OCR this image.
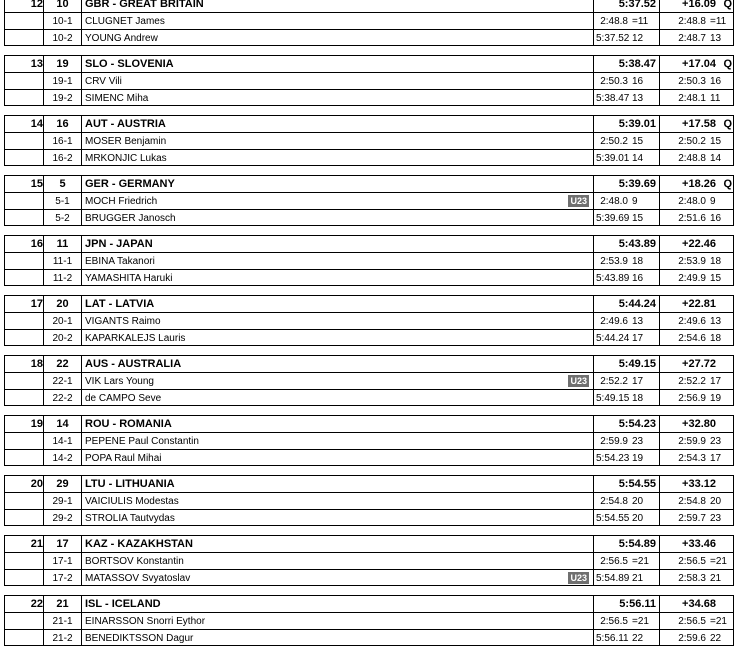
12	10	GBR - GREAT BRITAIN	5:37.52 +16.09 Q
10-1	CLUGNET James	2:48.8 =11	2:48.8 =11
10-2	YOUNG Andrew	5:37.52 12	2:48.7 13
13	19	SLO - SLOVENIA	5:38.47 +17.04 Q
19-1	CRV Vili	2:50.3 16	2:50.3 16
19-2	SIMENC Miha	5:38.47 13	2:48.1 11
14	16	AUT - AUSTRIA	5:39.01 +17.58 Q
16-1	MOSER Benjamin	2:50.2 15	2:50.2 15
16-2	MRKONJIC Lukas	5:39.01 14	2:48.8 14
15	5	GER - GERMANY	5:39.69 +18.26 Q
5-1	MOCH Friedrich	U23	2:48.0 9	2:48.0 9
5-2	BRUGGER Janosch	5:39.69 15	2:51.6 16
16	11	JPN - JAPAN	5:43.89 +22.46
11-1	EBINA Takanori	2:53.9 18	2:53.9 18
11-2	YAMASHITA Haruki	5:43.89 16	2:49.9 15
17	20	LAT - LATVIA	5:44.24 +22.81
20-1	VIGANTS Raimo	2:49.6 13	2:49.6 13
20-2	KAPARKALEJS Lauris	5:44.24 17	2:54.6 18
18	22	AUS - AUSTRALIA	5:49.15 +27.72
22-1	VIK Lars Young	U23	2:52.2 17	2:52.2 17
22-2	de CAMPO Seve	5:49.15 18	2:56.9 19
19	14	ROU - ROMANIA	5:54.23 +32.80
14-1	PEPENE Paul Constantin	2:59.9 23	2:59.9 23
14-2	POPA Raul Mihai	5:54.23 19	2:54.3 17
20	29	LTU - LITHUANIA	5:54.55 +33.12
29-1	VAICIULIS Modestas	2:54.8 20	2:54.8 20
29-2	STROLIA Tautvydas	5:54.55 20	2:59.7 23
21	17	KAZ - KAZAKHSTAN	5:54.89 +33.46
17-1	BORTSOV Konstantin	2:56.5 =21	2:56.5 =21
17-2	MATASSOV Svyatoslav	U23 5:54.89 21	2:58.3 21
22	21	ISL - ICELAND	5:56.11 +34.68
21-1	EINARSSON Snorri Eythor	2:56.5 =21	2:56.5 =21
21-2	BENEDIKTSSON Dagur	5:56.11 22	2:59.6 22
